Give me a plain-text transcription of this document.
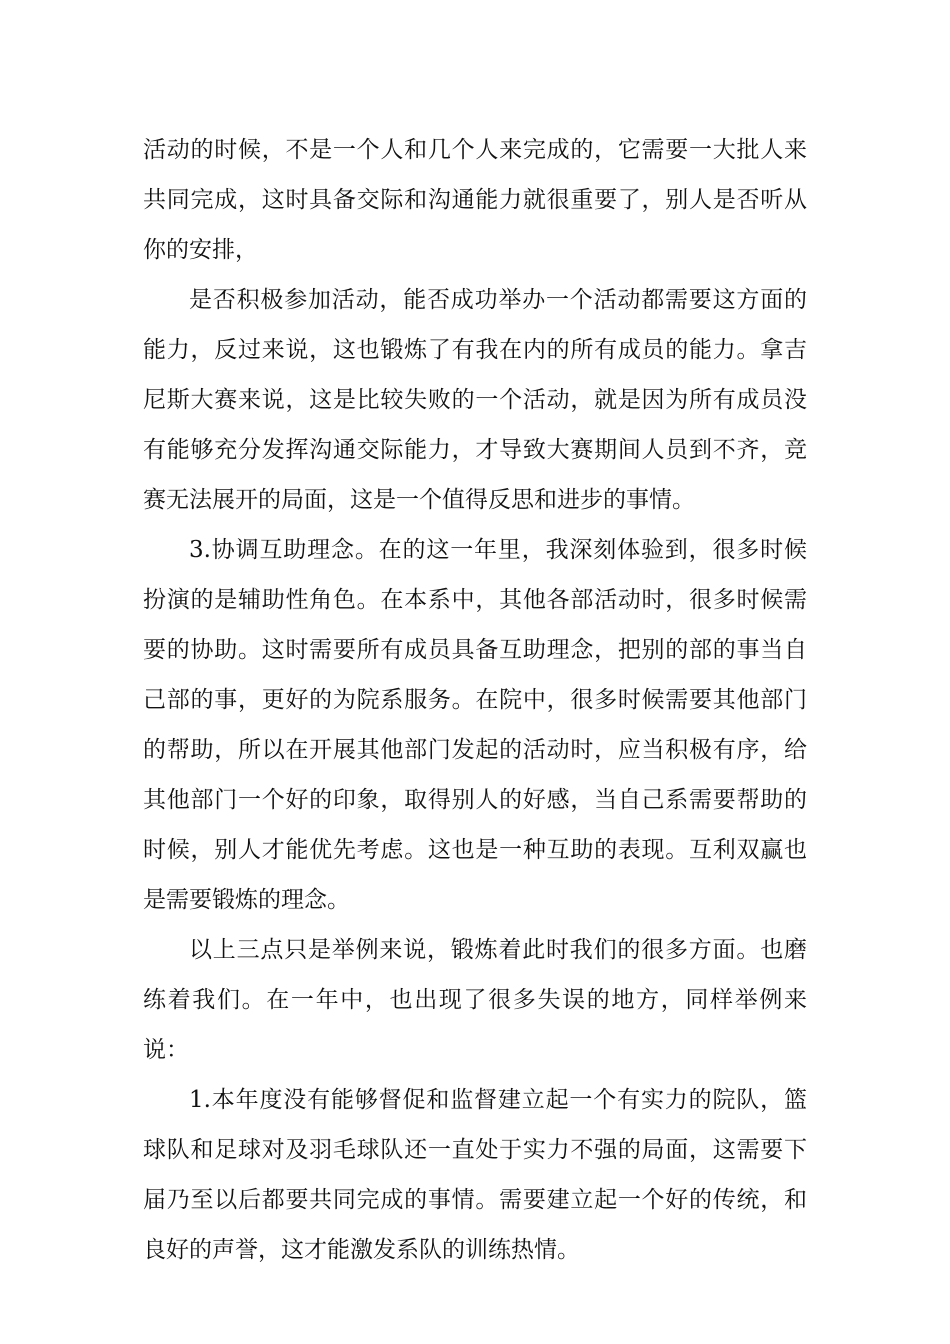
活动的时候，不是一个人和几个人来完成的，它需要一大批人来共同完成，这时具备交际和沟通能力就很重要了，别人是否听从你的安排，

是否积极参加活动，能否成功举办一个活动都需要这方面的能力，反过来说，这也锻炼了有我在内的所有成员的能力。拿吉尼斯大赛来说，这是比较失败的一个活动，就是因为所有成员没有能够充分发挥沟通交际能力，才导致大赛期间人员到不齐，竞赛无法展开的局面，这是一个值得反思和进步的事情。

3.协调互助理念。在的这一年里，我深刻体验到，很多时候扮演的是辅助性角色。在本系中，其他各部活动时，很多时候需要的协助。这时需要所有成员具备互助理念，把别的部的事当自己部的事，更好的为院系服务。在院中，很多时候需要其他部门的帮助，所以在开展其他部门发起的活动时，应当积极有序，给其他部门一个好的印象，取得别人的好感，当自己系需要帮助的时候，别人才能优先考虑。这也是一种互助的表现。互利双赢也是需要锻炼的理念。

以上三点只是举例来说，锻炼着此时我们的很多方面。也磨练着我们。在一年中，也出现了很多失误的地方，同样举例来说：

1.本年度没有能够督促和监督建立起一个有实力的院队，篮球队和足球对及羽毛球队还一直处于实力不强的局面，这需要下届乃至以后都要共同完成的事情。需要建立起一个好的传统，和良好的声誉，这才能激发系队的训练热情。
